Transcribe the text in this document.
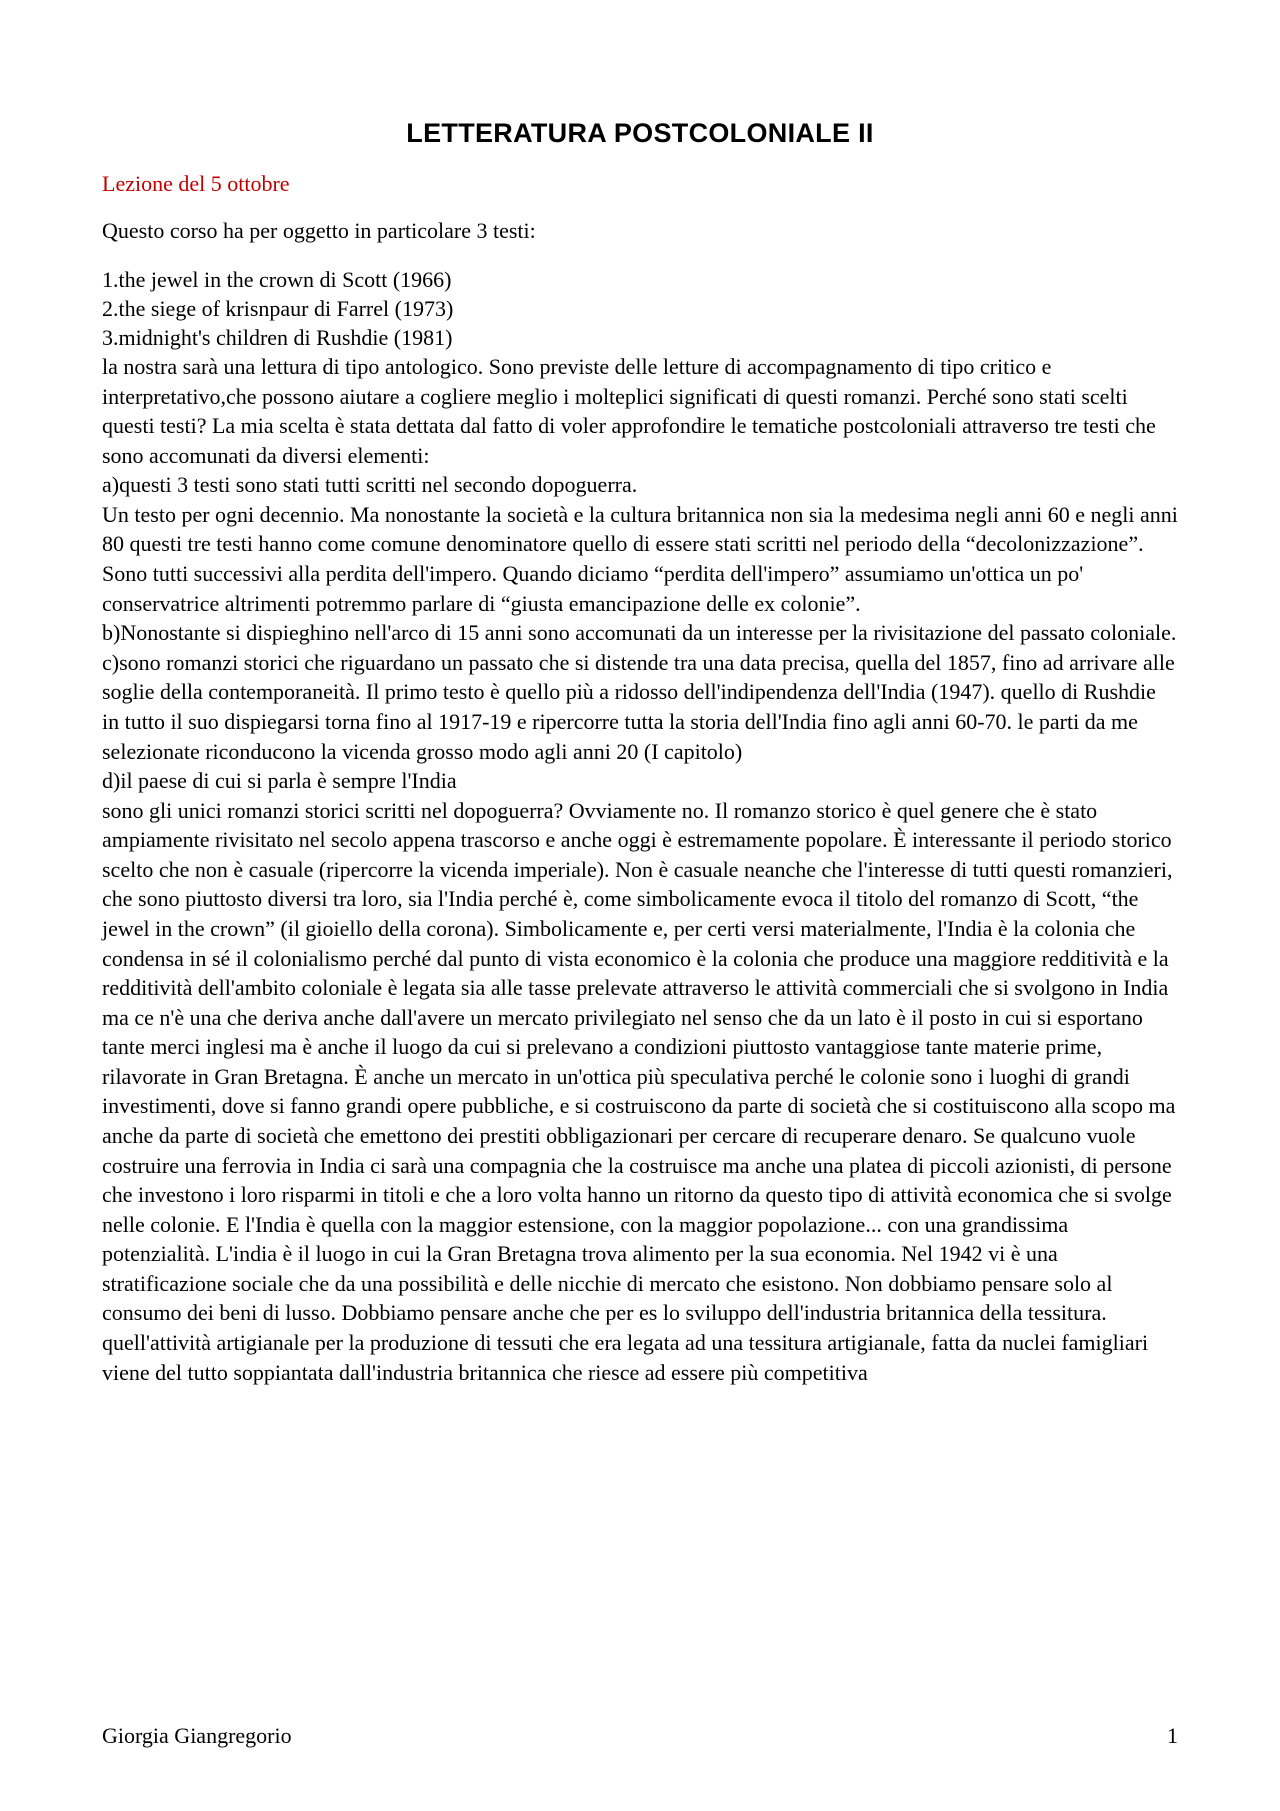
LETTERATURA POSTCOLONIALE II
Lezione del 5 ottobre
Questo corso ha per oggetto in particolare 3 testi:
1.the jewel in the crown di Scott (1966)
2.the siege of krisnpaur di Farrel (1973)
3.midnight's children di Rushdie (1981)

la nostra sarà una lettura di tipo antologico. Sono previste delle letture di accompagnamento di tipo critico e interpretativo,che possono aiutare a cogliere meglio i molteplici significati di questi romanzi. Perché sono stati scelti questi testi? La mia scelta è stata dettata dal fatto di voler approfondire le tematiche postcoloniali attraverso tre testi che sono accomunati da diversi elementi:

a)questi 3 testi sono stati tutti scritti nel secondo dopoguerra.

Un testo per ogni decennio. Ma nonostante la società e la cultura britannica non sia la medesima negli anni 60 e negli anni 80 questi tre testi hanno come comune denominatore quello di essere stati scritti nel periodo della “decolonizzazione”. Sono tutti successivi alla perdita dell'impero. Quando diciamo “perdita dell'impero” assumiamo un'ottica un po' conservatrice altrimenti potremmo parlare di “giusta emancipazione delle ex colonie”.

b)Nonostante si dispieghino nell'arco di 15 anni sono accomunati da un interesse per la rivisitazione del passato coloniale.

c)sono romanzi storici che riguardano un passato che si distende tra una data precisa, quella del 1857, fino ad arrivare alle soglie della contemporaneità. Il primo testo è quello più a ridosso dell'indipendenza dell'India (1947). quello di Rushdie in tutto il suo dispiegarsi torna fino al 1917-19 e ripercorre tutta la storia dell'India fino agli anni 60-70. le parti da me selezionate riconducono la vicenda grosso modo agli anni 20 (I capitolo)

d)il paese di cui si parla è sempre l'India

sono gli unici romanzi storici scritti nel dopoguerra? Ovviamente no. Il romanzo storico è quel genere che è stato ampiamente rivisitato nel secolo appena trascorso e anche oggi è estremamente popolare. È interessante il periodo storico scelto che non è casuale (ripercorre la vicenda imperiale). Non è casuale neanche che l'interesse di tutti questi romanzieri, che sono piuttosto diversi tra loro, sia l'India perché è, come simbolicamente evoca il titolo del romanzo di Scott, “the jewel in the crown” (il gioiello della corona). Simbolicamente e, per certi versi materialmente, l'India è la colonia che condensa in sé il colonialismo perché dal punto di vista economico è la colonia che produce una maggiore redditività e la redditività dell'ambito coloniale è legata sia alle tasse prelevate attraverso le attività commerciali che si svolgono in India ma ce n'è una che deriva anche dall'avere un mercato privilegiato nel senso che da un lato è il posto in cui si esportano tante merci inglesi ma è anche il luogo da cui si prelevano a condizioni piuttosto vantaggiose tante materie prime, rilavorate in Gran Bretagna. È anche un mercato in un'ottica più speculativa perché le colonie sono i luoghi di grandi investimenti, dove si fanno grandi opere pubbliche, e si costruiscono da parte di società che si costituiscono alla scopo ma anche da parte di società che emettono dei prestiti obbligazionari per cercare di recuperare denaro. Se qualcuno vuole costruire una ferrovia in India ci sarà una compagnia che la costruisce ma anche una platea di piccoli azionisti, di persone che investono i loro risparmi in titoli e che a loro volta hanno un ritorno da questo tipo di attività economica che si svolge nelle colonie. E l'India è quella con la maggior estensione, con la maggior popolazione... con una grandissima potenzialità. L'india è il luogo in cui la Gran Bretagna trova alimento per la sua economia. Nel 1942 vi è una stratificazione sociale che da una possibilità e delle nicchie di mercato che esistono. Non dobbiamo pensare solo al consumo dei beni di lusso. Dobbiamo pensare anche che per es lo sviluppo dell'industria britannica della tessitura. quell'attività artigianale per la produzione di tessuti che era legata ad una tessitura artigianale, fatta da nuclei famigliari viene del tutto soppiantata dall'industria britannica che riesce ad essere più competitiva

Giorgia Giangregorio	1
